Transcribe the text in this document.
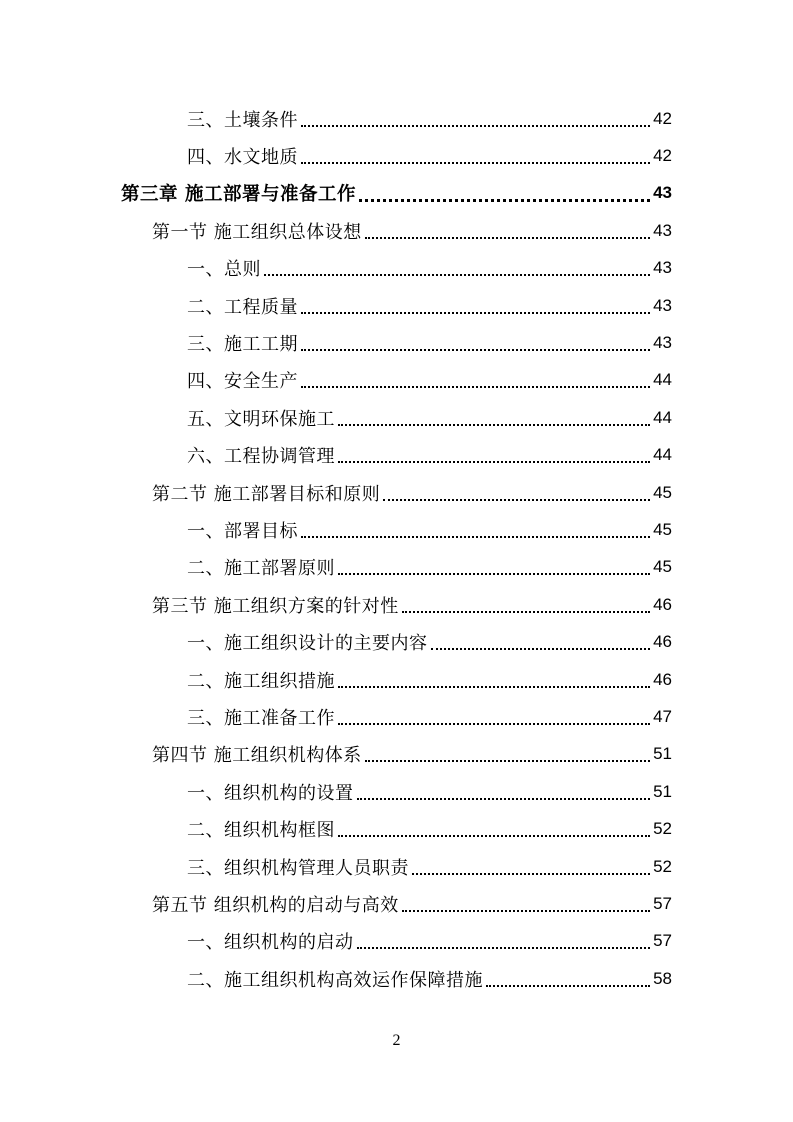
三、土壤条件	42
四、水文地质	42
第三章 施工部署与准备工作	43
第一节 施工组织总体设想	43
一、总则	43
二、工程质量	43
三、施工工期	43
四、安全生产	44
五、文明环保施工	44
六、工程协调管理	44
第二节 施工部署目标和原则	45
一、部署目标	45
二、施工部署原则	45
第三节 施工组织方案的针对性	46
一、施工组织设计的主要内容	46
二、施工组织措施	46
三、施工准备工作	47
第四节 施工组织机构体系	51
一、组织机构的设置	51
二、组织机构框图	52
三、组织机构管理人员职责	52
第五节 组织机构的启动与高效	57
一、组织机构的启动	57
二、施工组织机构高效运作保障措施	58
2
